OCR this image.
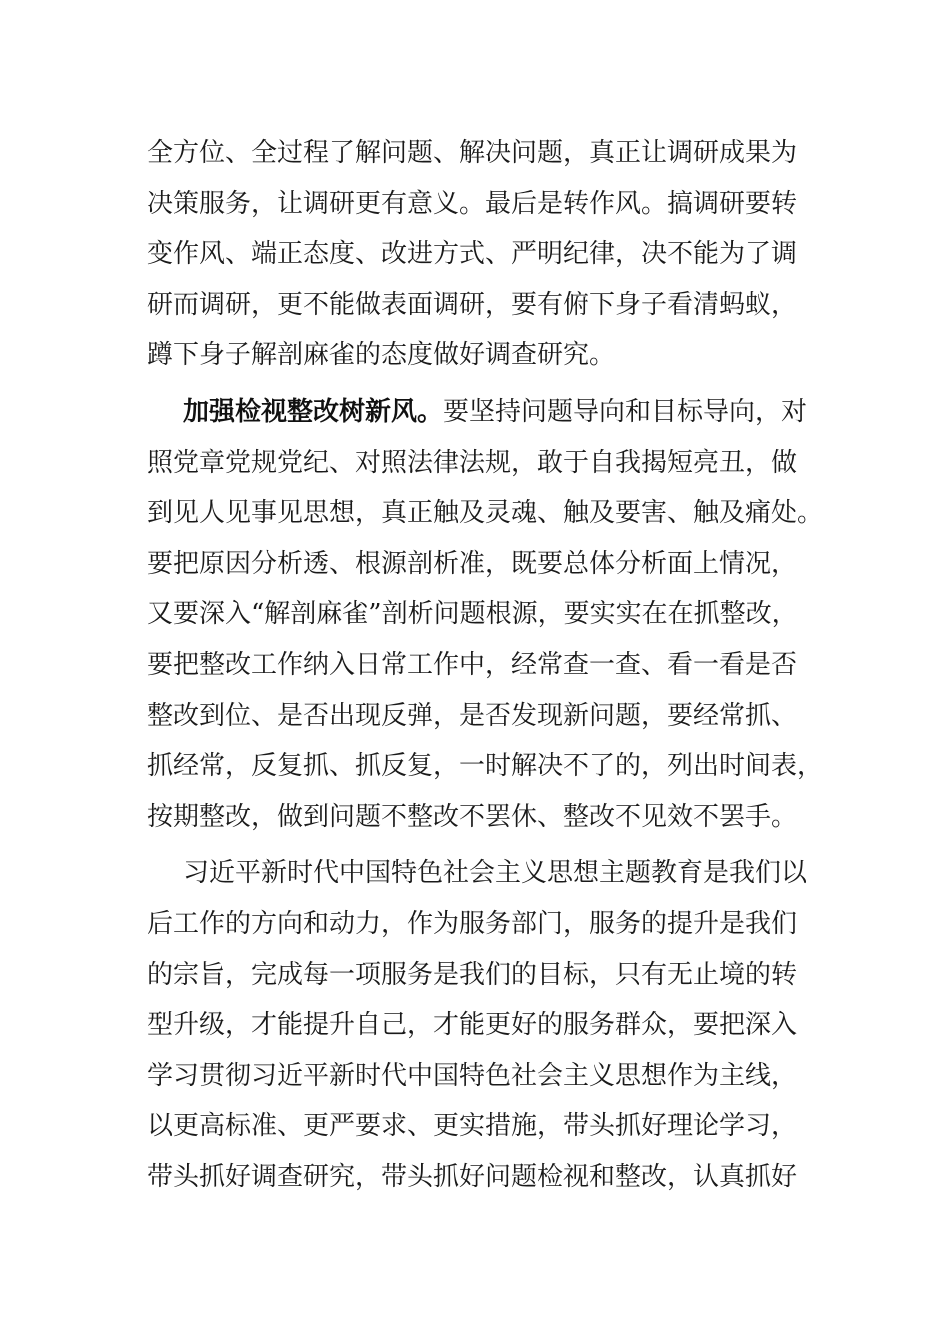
全方位、全过程了解问题、解决问题，真正让调研成果为
决策服务，让调研更有意义。最后是转作风。搞调研要转
变作风、端正态度、改进方式、严明纪律，决不能为了调
研而调研，更不能做表面调研，要有俯下身子看清蚂蚁，
蹲下身子解剖麻雀的态度做好调查研究。
加强检视整改树新风。要坚持问题导向和目标导向，对
照党章党规党纪、对照法律法规，敢于自我揭短亮丑，做
到见人见事见思想，真正触及灵魂、触及要害、触及痛处。
要把原因分析透、根源剖析准，既要总体分析面上情况，
又要深入“解剖麻雀”剖析问题根源，要实实在在抓整改，
要把整改工作纳入日常工作中，经常查一查、看一看是否
整改到位、是否出现反弹，是否发现新问题，要经常抓、
抓经常，反复抓、抓反复，一时解决不了的，列出时间表，
按期整改，做到问题不整改不罢休、整改不见效不罢手。
习近平新时代中国特色社会主义思想主题教育是我们以
后工作的方向和动力，作为服务部门，服务的提升是我们
的宗旨，完成每一项服务是我们的目标，只有无止境的转
型升级，才能提升自己，才能更好的服务群众，要把深入
学习贯彻习近平新时代中国特色社会主义思想作为主线，
以更高标准、更严要求、更实措施，带头抓好理论学习，
带头抓好调查研究，带头抓好问题检视和整改，认真抓好
